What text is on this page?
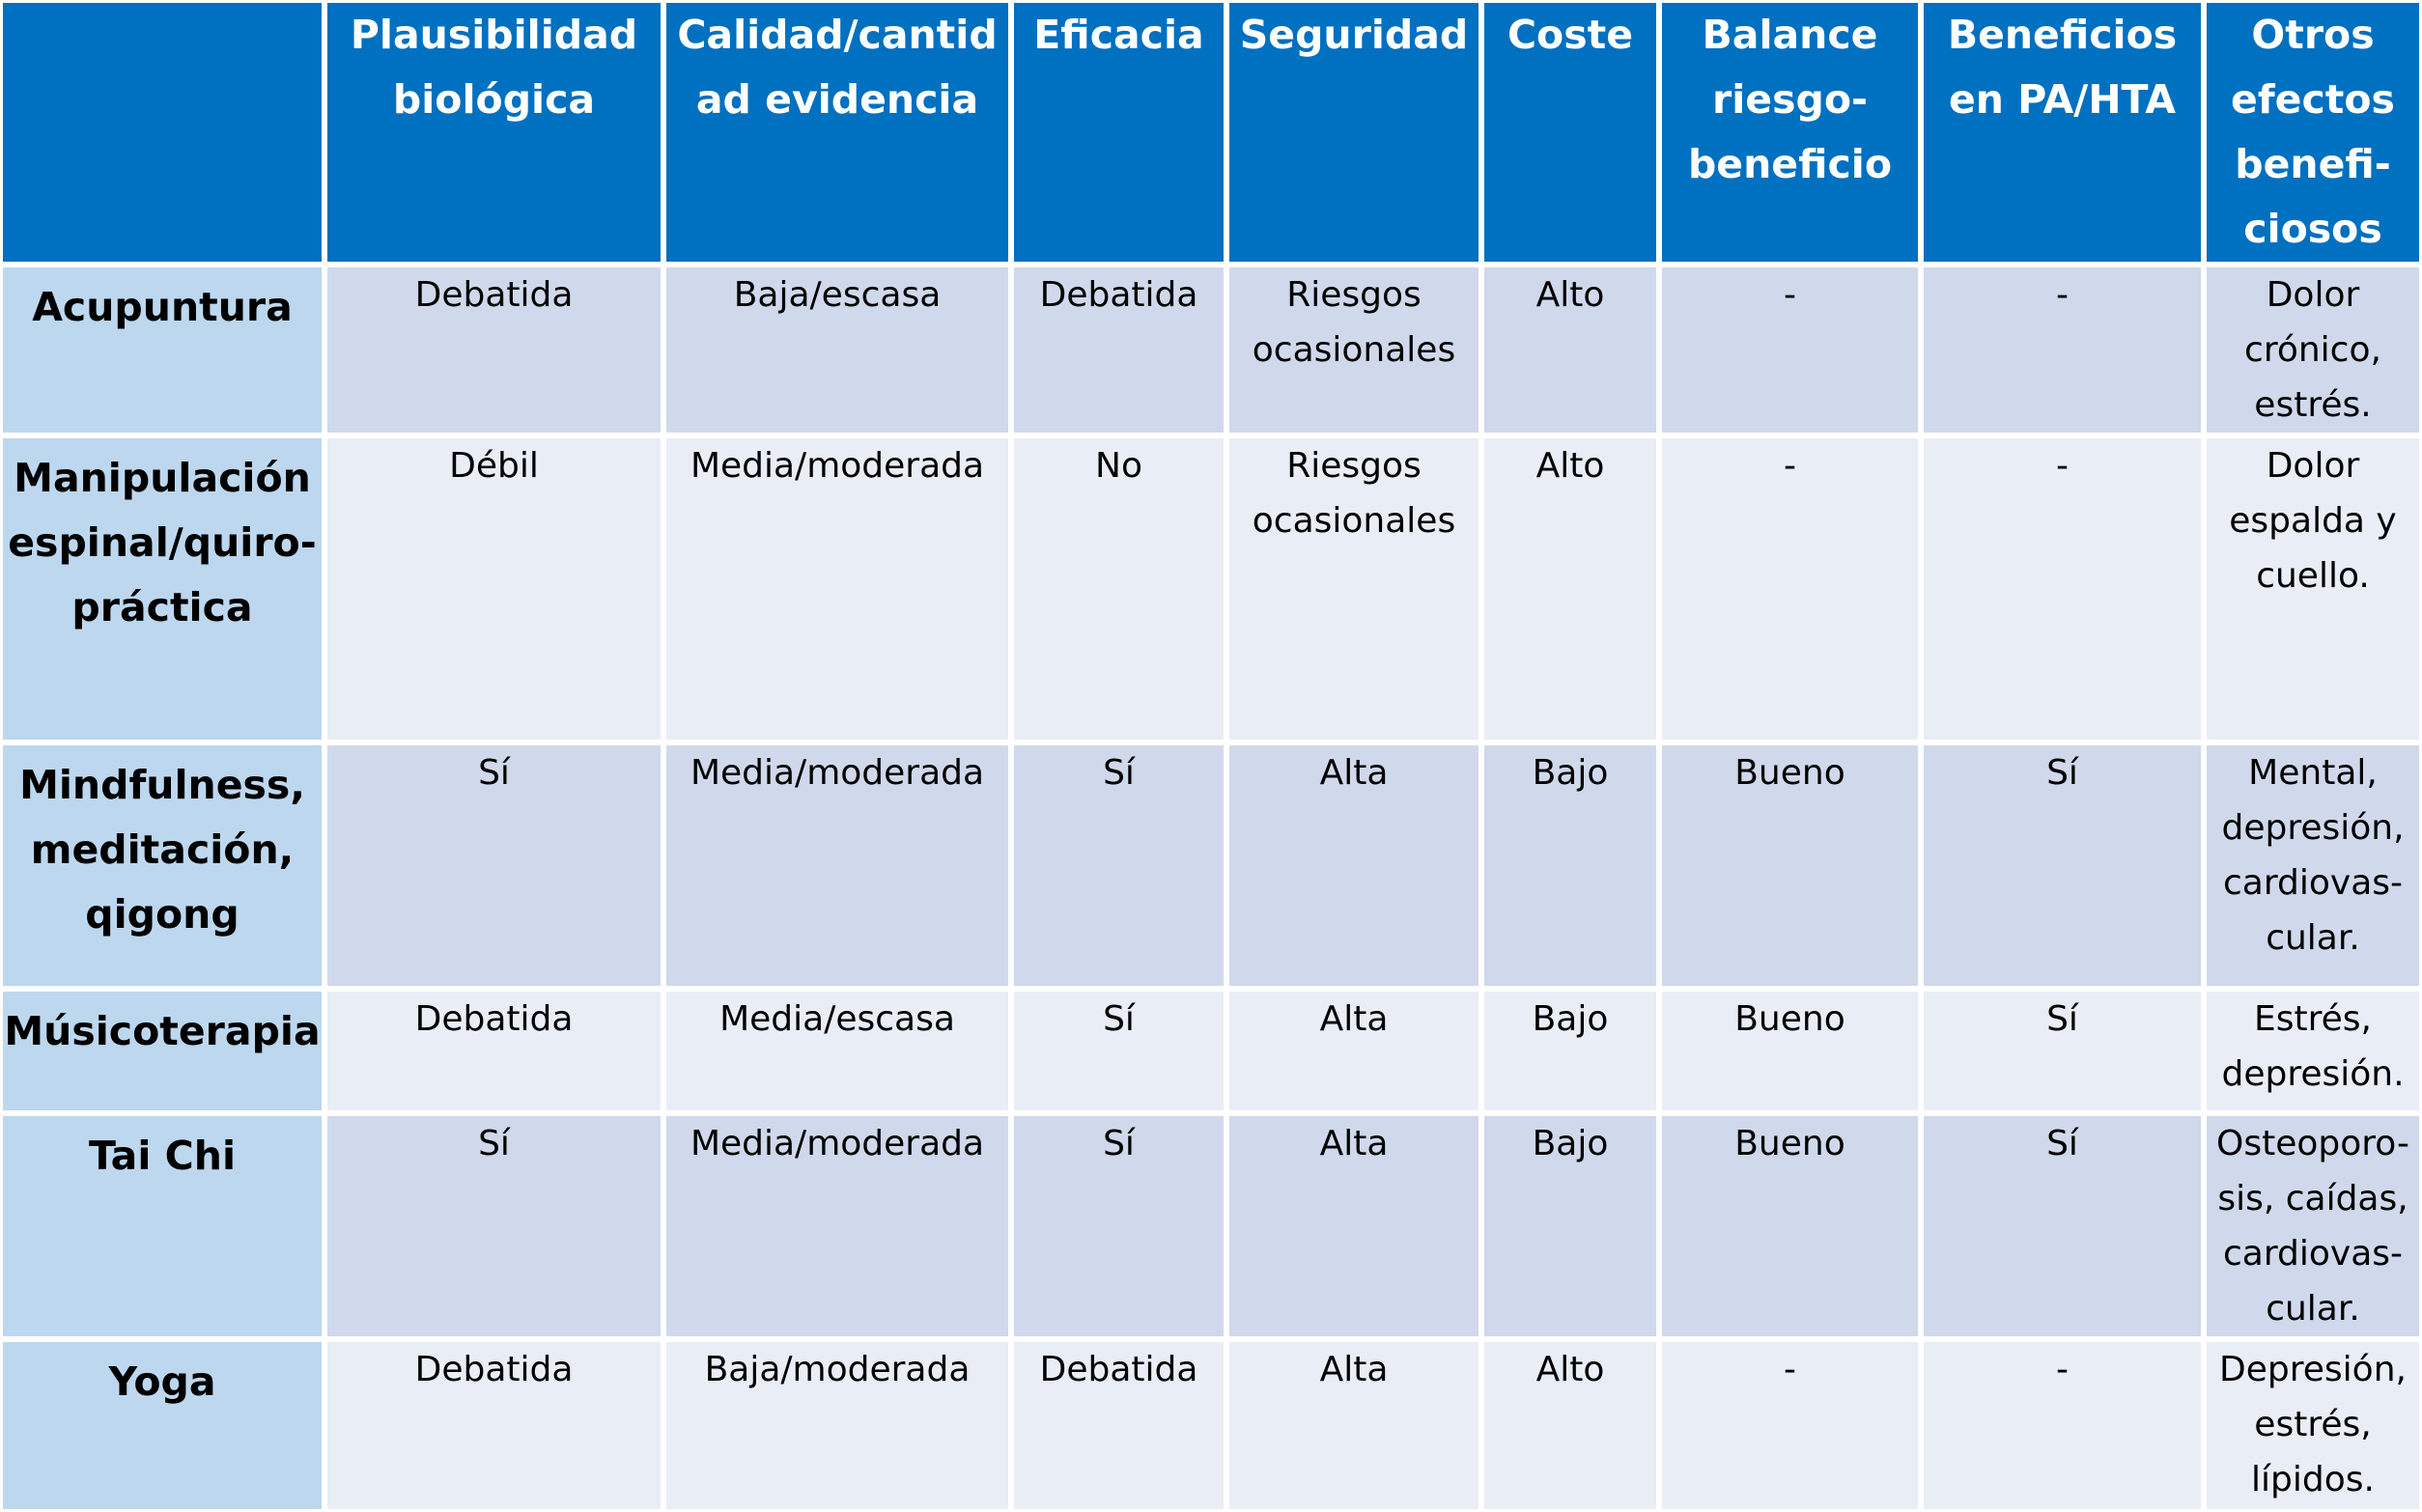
	Plausibilidad biológica	Calidad/cantidad evidencia	Eficacia	Seguridad	Coste	Balance riesgo-beneficio	Beneficios en PA/HTA	Otros efectos benefi-ciosos

Acupuntura	Debatida	Baja/escasa	Debatida	Riesgos ocasionales	Alto	-	-	Dolor crónico, estrés.

Manipulación espinal/quiro-práctica	Débil	Media/moderada	No	Riesgos ocasionales	Alto	-	-	Dolor espalda y cuello.

Mindfulness, meditación, qigong	Sí	Media/moderada	Sí	Alta	Bajo	Bueno	Sí	Mental, depresión, cardiovas-cular.

Músicoterapia	Debatida	Media/escasa	Sí	Alta	Bajo	Bueno	Sí	Estrés, depresión.

Tai Chi	Sí	Media/moderada	Sí	Alta	Bajo	Bueno	Sí	Osteoporo-sis, caídas, cardiovas-cular.

Yoga	Debatida	Baja/moderada	Debatida	Alta	Alto	-	-	Depresión, estrés, lípidos.
